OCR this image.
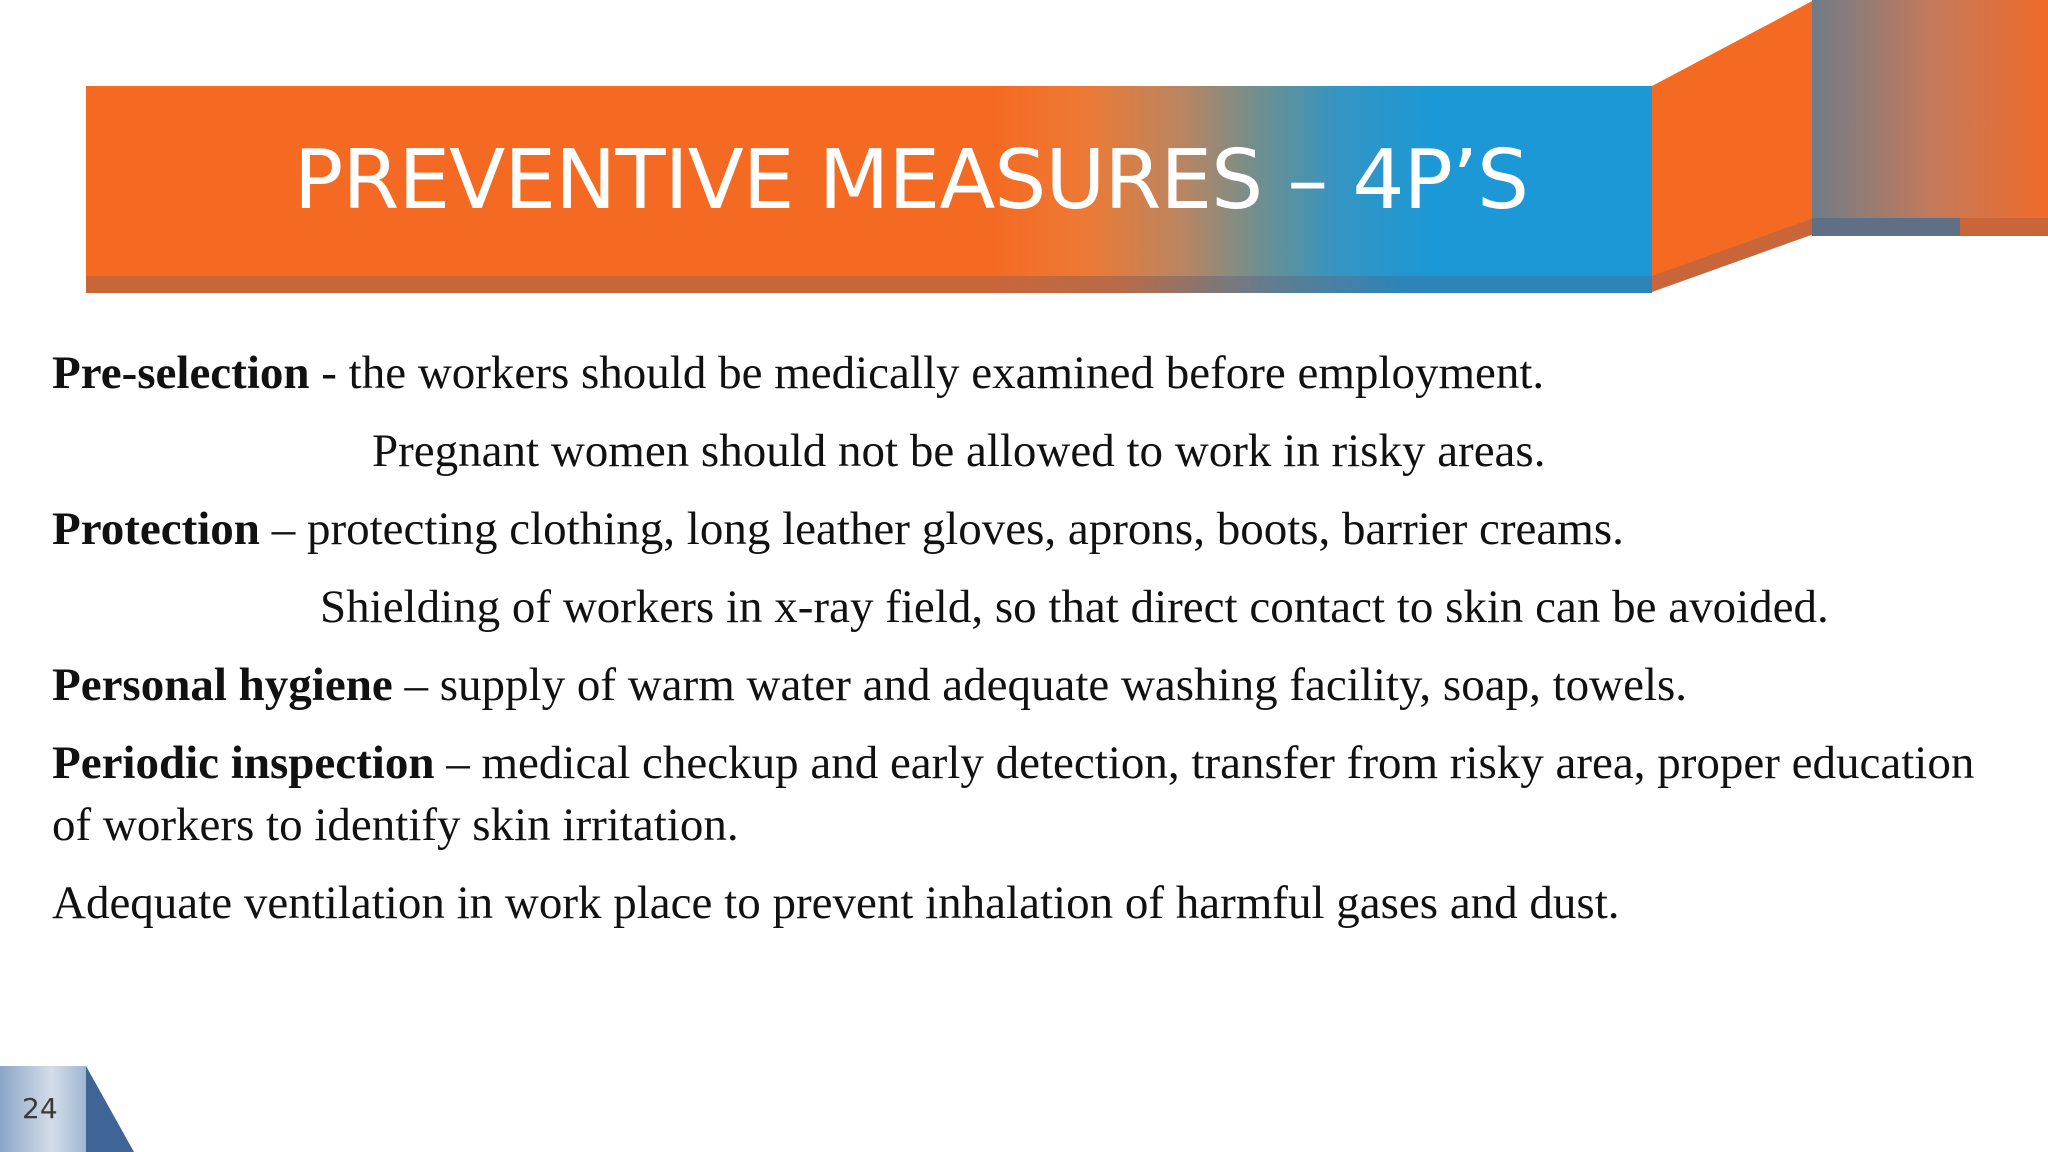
PREVENTIVE MEASURES – 4P’S

Pre-selection - the workers should be medically examined before employment.

Pregnant women should not be allowed to work in risky areas.

Protection – protecting clothing, long leather gloves, aprons, boots, barrier creams.

Shielding of workers in x-ray field, so that direct contact to skin can be avoided.

Personal hygiene – supply of warm water and adequate washing facility, soap, towels.

Periodic inspection – medical checkup and early detection, transfer from risky area, proper education of workers to identify skin irritation.

Adequate ventilation in work place to prevent inhalation of harmful gases and dust.

24
